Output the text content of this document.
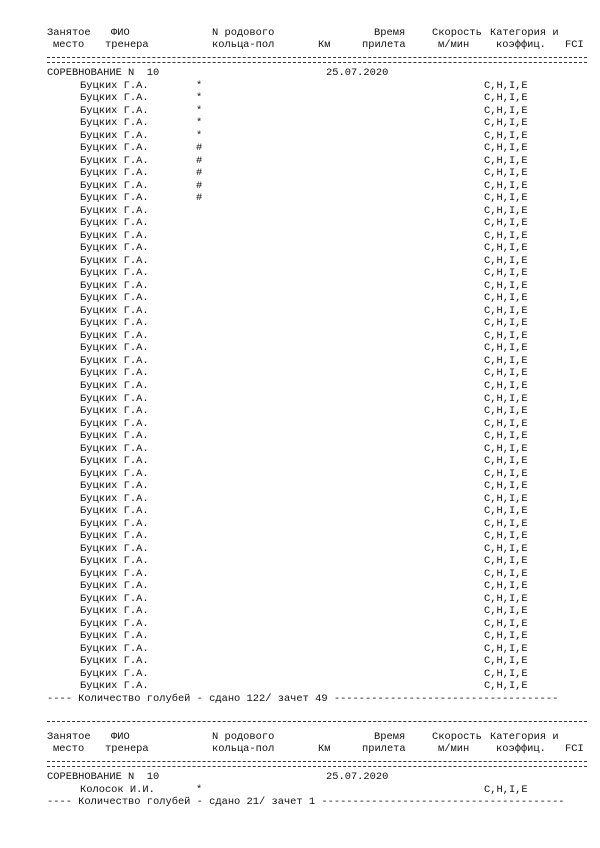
Занятое ФИО	N родового	Время	Скорость Категория и
место тренера	кольца-пол	Км	прилета	м/мин	коэффиц. FCI
СОРЕВНОВАНИЕ N  10	25.07.2020
Буцких Г.А.	*	C,H,I,E
Буцких Г.А.	*	C,H,I,E
Буцких Г.А.	*	C,H,I,E
Буцких Г.А.	*	C,H,I,E
Буцких Г.А.	*	C,H,I,E
Буцких Г.А.	#	C,H,I,E
Буцких Г.А.	#	C,H,I,E
Буцких Г.А.	#	C,H,I,E
Буцких Г.А.	#	C,H,I,E
Буцких Г.А.	#	C,H,I,E
Буцких Г.А.	C,H,I,E
Буцких Г.А.	C,H,I,E
Буцких Г.А.	C,H,I,E
Буцких Г.А.	C,H,I,E
Буцких Г.А.	C,H,I,E
Буцких Г.А.	C,H,I,E
Буцких Г.А.	C,H,I,E
Буцких Г.А.	C,H,I,E
Буцких Г.А.	C,H,I,E
Буцких Г.А.	C,H,I,E
Буцких Г.А.	C,H,I,E
Буцких Г.А.	C,H,I,E
Буцких Г.А.	C,H,I,E
Буцких Г.А.	C,H,I,E
Буцких Г.А.	C,H,I,E
Буцких Г.А.	C,H,I,E
Буцких Г.А.	C,H,I,E
Буцких Г.А.	C,H,I,E
Буцких Г.А.	C,H,I,E
Буцких Г.А.	C,H,I,E
Буцких Г.А.	C,H,I,E
Буцких Г.А.	C,H,I,E
Буцких Г.А.	C,H,I,E
Буцких Г.А.	C,H,I,E
Буцких Г.А.	C,H,I,E
Буцких Г.А.	C,H,I,E
Буцких Г.А.	C,H,I,E
Буцких Г.А.	C,H,I,E
Буцких Г.А.	C,H,I,E
Буцких Г.А.	C,H,I,E
Буцких Г.А.	C,H,I,E
Буцких Г.А.	C,H,I,E
Буцких Г.А.	C,H,I,E
Буцких Г.А.	C,H,I,E
Буцких Г.А.	C,H,I,E
Буцких Г.А.	C,H,I,E
Буцких Г.А.	C,H,I,E
Буцких Г.А.	C,H,I,E
Буцких Г.А.	C,H,I,E
---- Количество голубей - сдано 122/ зачет 49 ------------------------------------
Занятое ФИО	N родового	Время	Скорость Категория и
место тренера	кольца-пол	Км	прилета	м/мин	коэффиц. FCI
СОРЕВНОВАНИЕ N  10	25.07.2020
Колосок И.И.	*	C,H,I,E
---- Количество голубей - сдано 21/ зачет 1 ---------------------------------------
